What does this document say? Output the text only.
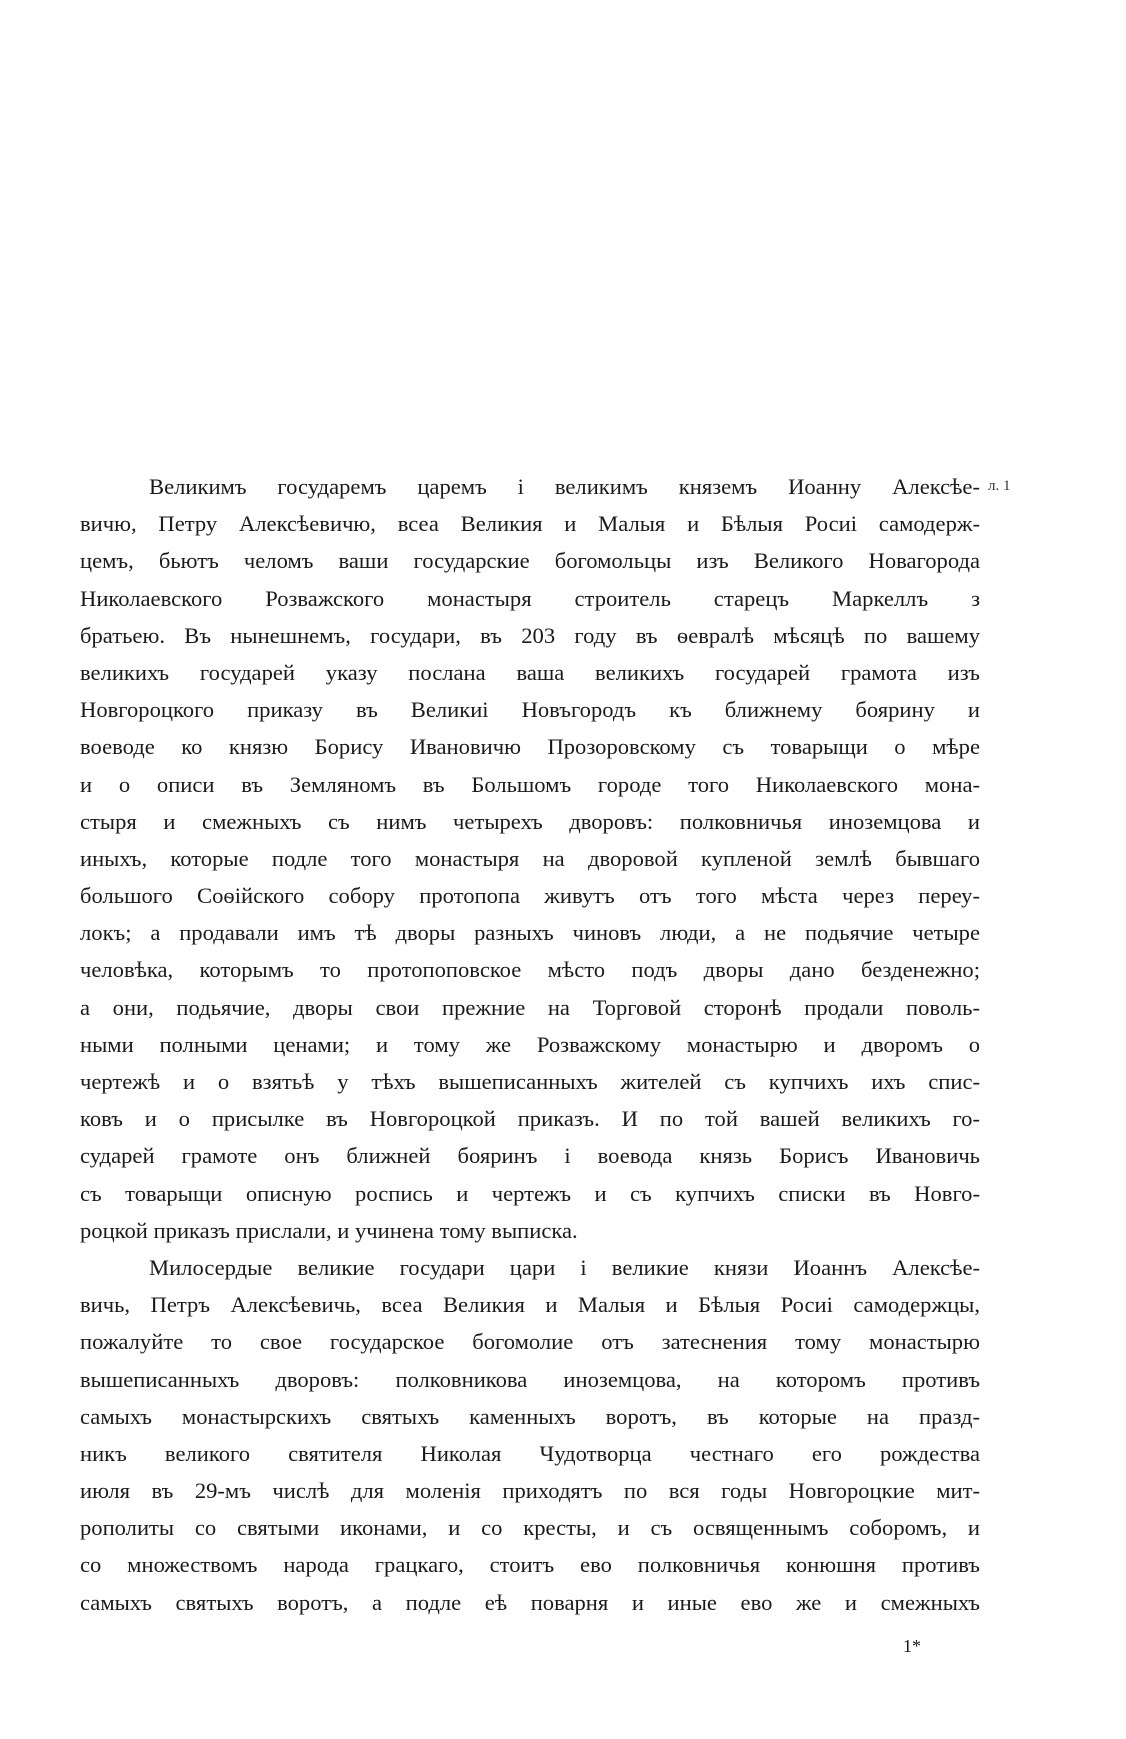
л. 1
Великимъ государемъ царемъ і великимъ княземъ Иоанну Алексѣе-
вичю, Петру Алексѣевичю, всеа Великия и Малыя и Бѣлыя Росиі самодерж-
цемъ, бьютъ челомъ ваши государские богомольцы изъ Великого Новагорода
Николаевского Розважского монастыря строитель старецъ Маркеллъ з
братьею. Въ нынешнемъ, государи, въ 203 году въ ѳевралѣ мѣсяцѣ по вашему
великихъ государей указу послана ваша великихъ государей грамота изъ
Новгороцкого приказу въ Великиі Новъгородъ къ ближнему боярину и
воеводе ко князю Борису Ивановичю Прозоровскому съ товарыщи о мѣре
и о описи въ Земляномъ въ Большомъ городе того Николаевского мона-
стыря и смежныхъ съ нимъ четырехъ дворовъ: полковничья иноземцова и
иныхъ, которые подле того монастыря на дворовой купленой землѣ бывшаго
большого Соѳійского собору протопопа живутъ отъ того мѣста через переу-
локъ; а продавали имъ тѣ дворы разныхъ чиновъ люди, а не подьячие четыре
человѣка, которымъ то протопоповское мѣсто подъ дворы дано безденежно;
а они, подьячие, дворы свои прежние на Торговой сторонѣ продали поволь-
ными полными ценами; и тому же Розважскому монастырю и дворомъ о
чертежѣ и о взятьѣ у тѣхъ вышеписанныхъ жителей съ купчихъ ихъ спис-
ковъ и о присылке въ Новгороцкой приказъ. И по той вашей великихъ го-
сударей грамоте онъ ближней бояринъ і воевода князь Борисъ Ивановичь
съ товарыщи описную роспись и чертежъ и съ купчихъ списки въ Новго-
роцкой приказъ прислали, и учинена тому выписка.
Милосердые великие государи цари і великие князи Иоаннъ Алексѣе-
вичь, Петръ Алексѣевичь, всеа Великия и Малыя и Бѣлыя Росиі самодержцы,
пожалуйте то свое государское богомолие отъ затеснения тому монастырю
вышеписанныхъ дворовъ: полковникова иноземцова, на которомъ противъ
самыхъ монастырскихъ святыхъ каменныхъ воротъ, въ которые на празд-
никъ великого святителя Николая Чудотворца честнаго его рождества
июля въ 29-мъ числѣ для моленія приходятъ по вся годы Новгороцкие мит-
рополиты со святыми иконами, и со кресты, и съ освященнымъ соборомъ, и
со множествомъ народа грацкаго, стоитъ ево полковничья конюшня противъ
самыхъ святыхъ воротъ, а подле еѣ поварня и иные ево же и смежныхъ
1*
